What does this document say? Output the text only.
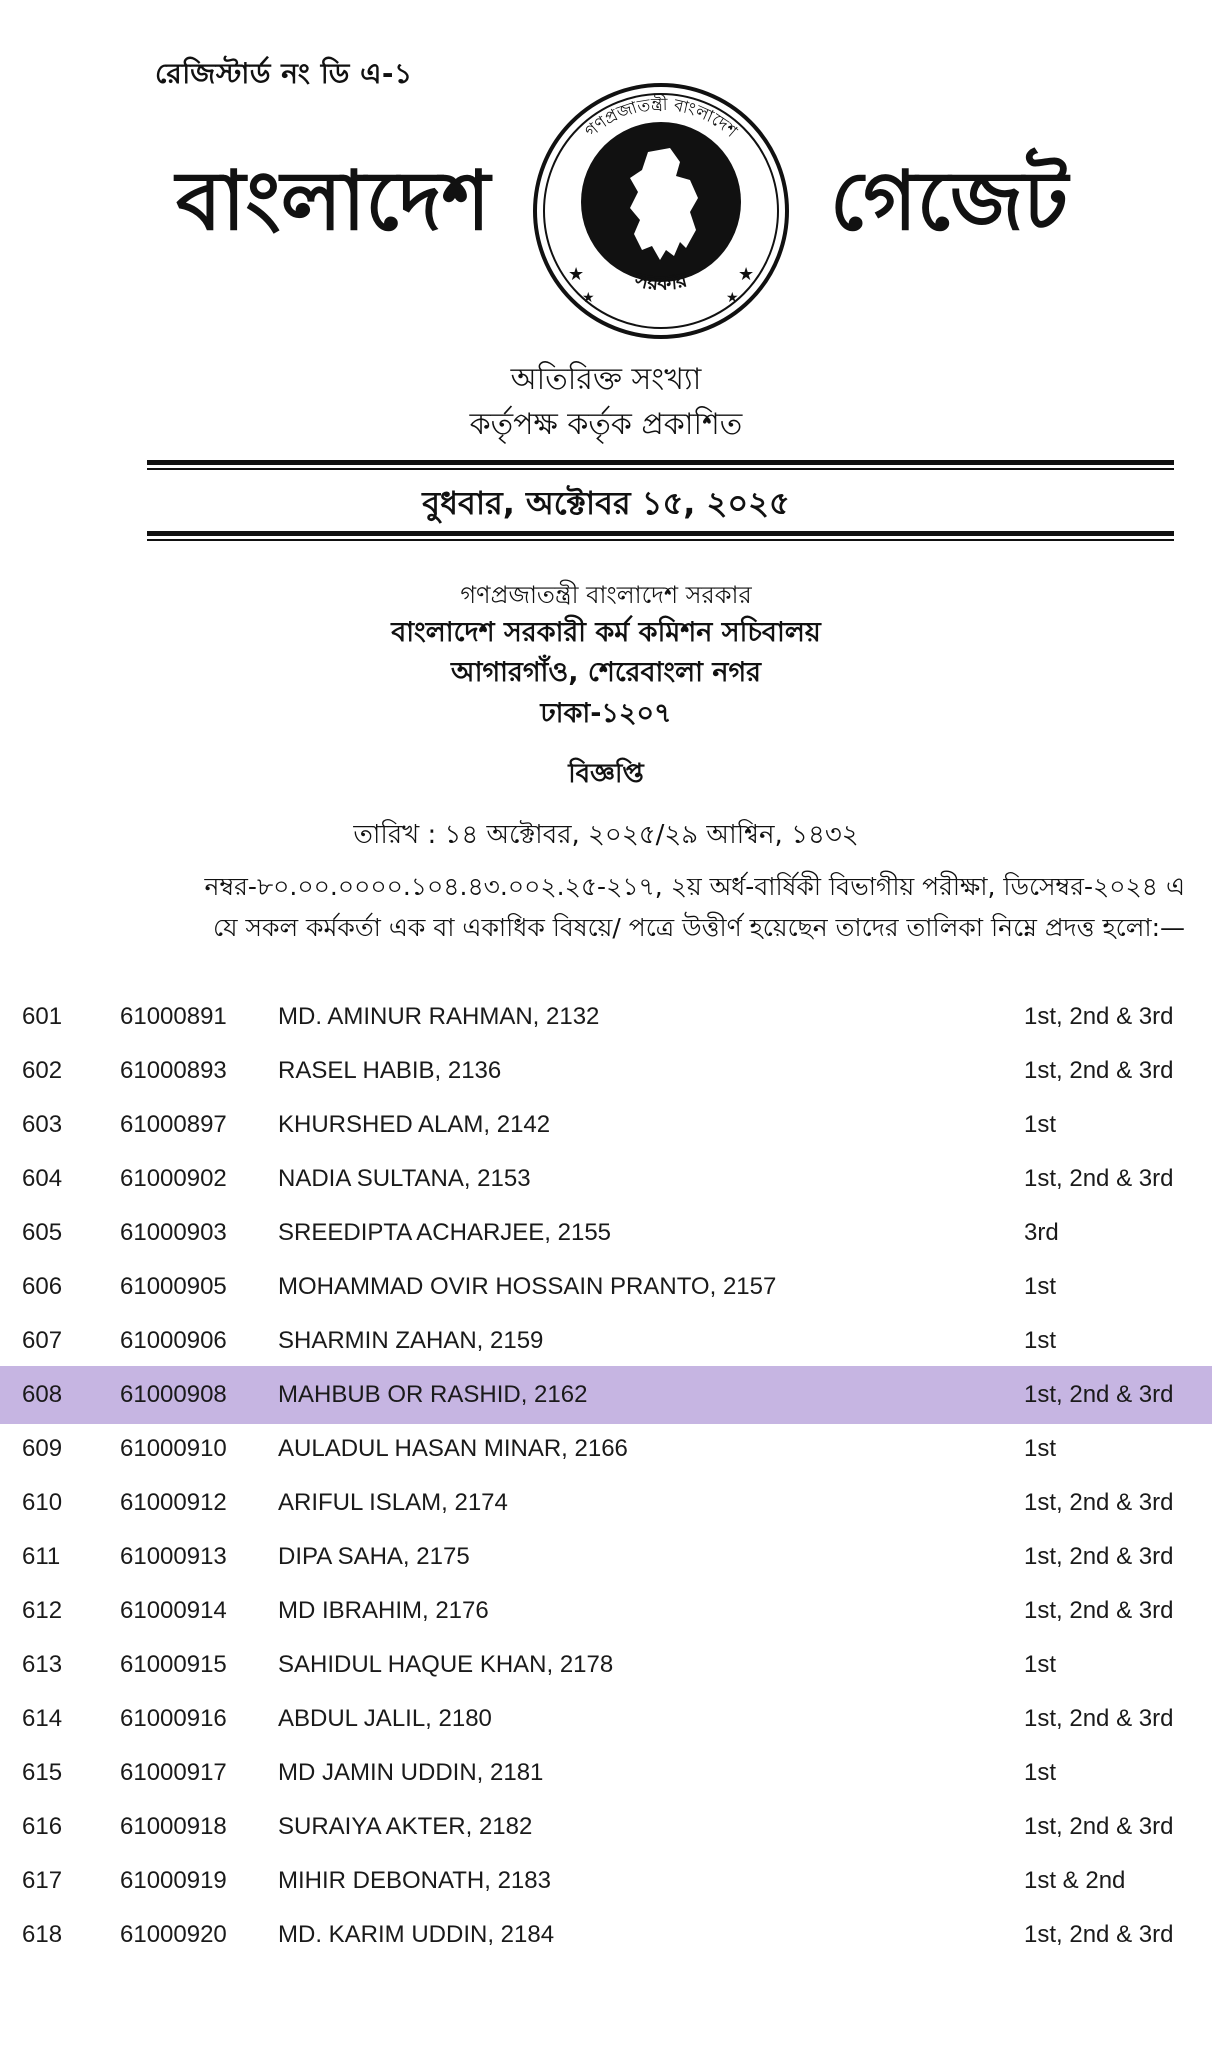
রেজিস্টার্ড নং ডি এ-১
বাংলাদেশ
গণপ্রজাতন্ত্রী বাংলাদেশ
সরকার
★	★
★	★
গেজেট
অতিরিক্ত সংখ্যা
কর্তৃপক্ষ কর্তৃক প্রকাশিত
বুধবার, অক্টোবর ১৫, ২০২৫
গণপ্রজাতন্ত্রী বাংলাদেশ সরকার
বাংলাদেশ সরকারী কর্ম কমিশন সচিবালয়
আগারগাঁও, শেরেবাংলা নগর
ঢাকা-১২০৭
বিজ্ঞপ্তি
তারিখ : ১৪ অক্টোবর, ২০২৫/২৯ আশ্বিন, ১৪৩২
নম্বর-৮০.০০.০০০০.১০৪.৪৩.০০২.২৫-২১৭, ২য় অর্ধ-বার্ষিকী বিভাগীয় পরীক্ষা, ডিসেম্বর-২০২৪ এ
যে সকল কর্মকর্তা এক বা একাধিক বিষয়ে/ পত্রে উত্তীর্ণ হয়েছেন তাদের তালিকা নিম্নে প্রদত্ত হলো:—
601 61000891 MD. AMINUR RAHMAN, 2132	1st, 2nd & 3rd
602 61000893 RASEL HABIB, 2136	1st, 2nd & 3rd
603 61000897 KHURSHED ALAM, 2142	1st
604 61000902 NADIA SULTANA, 2153	1st, 2nd & 3rd
605 61000903 SREEDIPTA ACHARJEE, 2155	3rd
606 61000905 MOHAMMAD OVIR HOSSAIN PRANTO, 2157	1st
607 61000906 SHARMIN ZAHAN, 2159	1st
608 61000908 MAHBUB OR RASHID, 2162	1st, 2nd & 3rd
609 61000910 AULADUL HASAN MINAR, 2166	1st
610 61000912 ARIFUL ISLAM, 2174	1st, 2nd & 3rd
611 61000913 DIPA SAHA, 2175	1st, 2nd & 3rd
612 61000914 MD IBRAHIM, 2176	1st, 2nd & 3rd
613 61000915 SAHIDUL HAQUE KHAN, 2178	1st
614 61000916 ABDUL JALIL, 2180	1st, 2nd & 3rd
615 61000917 MD JAMIN UDDIN, 2181	1st
616 61000918 SURAIYA AKTER, 2182	1st, 2nd & 3rd
617 61000919 MIHIR DEBONATH, 2183	1st & 2nd
618 61000920 MD. KARIM UDDIN, 2184	1st, 2nd & 3rd
